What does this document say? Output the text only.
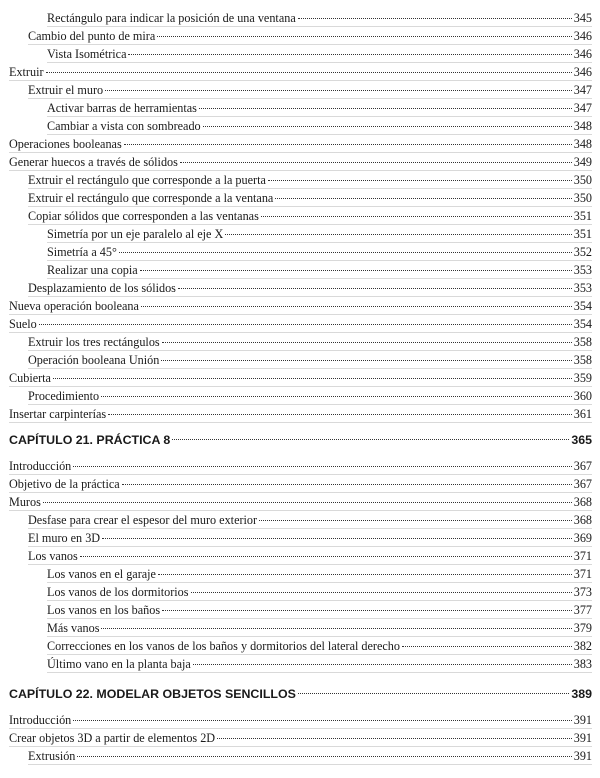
Rectángulo para indicar la posición de una ventana	345
Cambio del punto de mira	346
Vista Isométrica	346
Extruir	346
Extruir el muro	347
Activar barras de herramientas	347
Cambiar a vista con sombreado	348
Operaciones booleanas	348
Generar huecos a través de sólidos	349
Extruir el rectángulo que corresponde a la puerta	350
Extruir el rectángulo que corresponde a la ventana	350
Copiar sólidos que corresponden a las ventanas	351
Simetría por un eje paralelo al eje X	351
Simetría a 45°	352
Realizar una copia	353
Desplazamiento de los sólidos	353
Nueva operación booleana	354
Suelo	354
Extruir los tres rectángulos	358
Operación booleana Unión	358
Cubierta	359
Procedimiento	360
Insertar carpinterías	361
CAPÍTULO 21. PRÁCTICA 8	365
Introducción	367
Objetivo de la práctica	367
Muros	368
Desfase para crear el espesor del muro exterior	368
El muro en 3D	369
Los vanos	371
Los vanos en el garaje	371
Los vanos de los dormitorios	373
Los vanos en los baños	377
Más vanos	379
Correcciones en los vanos de los baños y dormitorios del lateral derecho	382
Último vano en la planta baja	383
CAPÍTULO 22. MODELAR OBJETOS SENCILLOS	389
Introducción	391
Crear objetos 3D a partir de elementos 2D	391
Extrusión	391
